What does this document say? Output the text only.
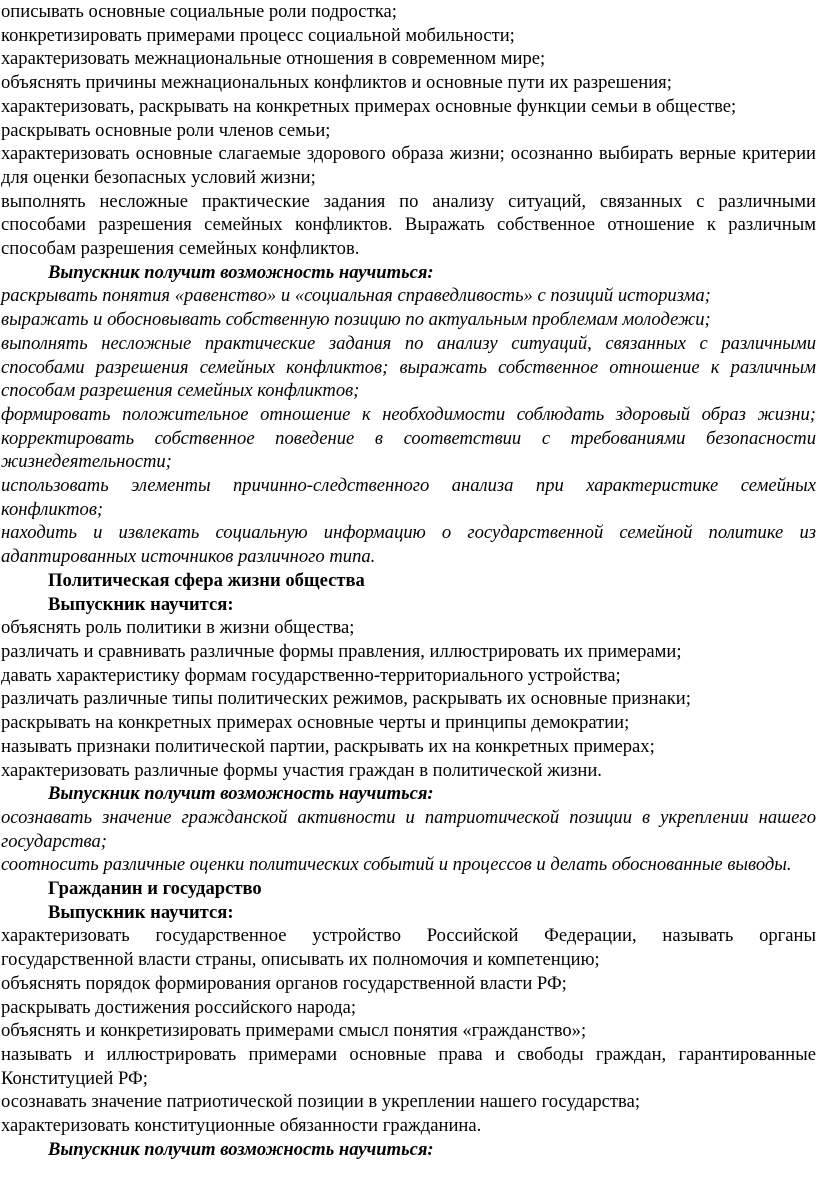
описывать основные социальные роли подростка;

конкретизировать примерами процесс социальной мобильности;

характеризовать межнациональные отношения в современном мире;

объяснять причины межнациональных конфликтов и основные пути их разрешения;

характеризовать, раскрывать на конкретных примерах основные функции семьи в обществе;

раскрывать основные роли членов семьи;

характеризовать основные слагаемые здорового образа жизни; осознанно выбирать верные критерии для оценки безопасных условий жизни;

выполнять несложные практические задания по анализу ситуаций, связанных с различными способами разрешения семейных конфликтов. Выражать собственное отношение к различным способам разрешения семейных конфликтов.

Выпускник получит возможность научиться:

раскрывать понятия «равенство» и «социальная справедливость» с позиций историзма;

выражать и обосновывать собственную позицию по актуальным проблемам молодежи;

выполнять несложные практические задания по анализу ситуаций, связанных с различными способами разрешения семейных конфликтов; выражать собственное отношение к различным способам разрешения семейных конфликтов;

формировать положительное отношение к необходимости соблюдать здоровый образ жизни; корректировать собственное поведение в соответствии с требованиями безопасности жизнедеятельности;

использовать элементы причинно-следственного анализа при характеристике семейных конфликтов;

находить и извлекать социальную информацию о государственной семейной политике из адаптированных источников различного типа.

Политическая сфера жизни общества

Выпускник научится:

объяснять роль политики в жизни общества;

различать и сравнивать различные формы правления, иллюстрировать их примерами;

давать характеристику формам государственно-территориального устройства;

различать различные типы политических режимов, раскрывать их основные признаки;

раскрывать на конкретных примерах основные черты и принципы демократии;

называть признаки политической партии, раскрывать их на конкретных примерах;

характеризовать различные формы участия граждан в политической жизни.

Выпускник получит возможность научиться:

осознавать значение гражданской активности и патриотической позиции в укреплении нашего государства;

соотносить различные оценки политических событий и процессов и делать обоснованные выводы.

Гражданин и государство

Выпускник научится:

характеризовать государственное устройство Российской Федерации, называть органы государственной власти страны, описывать их полномочия и компетенцию;

объяснять порядок формирования органов государственной власти РФ;

раскрывать достижения российского народа;

объяснять и конкретизировать примерами смысл понятия «гражданство»;

называть и иллюстрировать примерами основные права и свободы граждан, гарантированные Конституцией РФ;

осознавать значение патриотической позиции в укреплении нашего государства;

характеризовать конституционные обязанности гражданина.

Выпускник получит возможность научиться:
